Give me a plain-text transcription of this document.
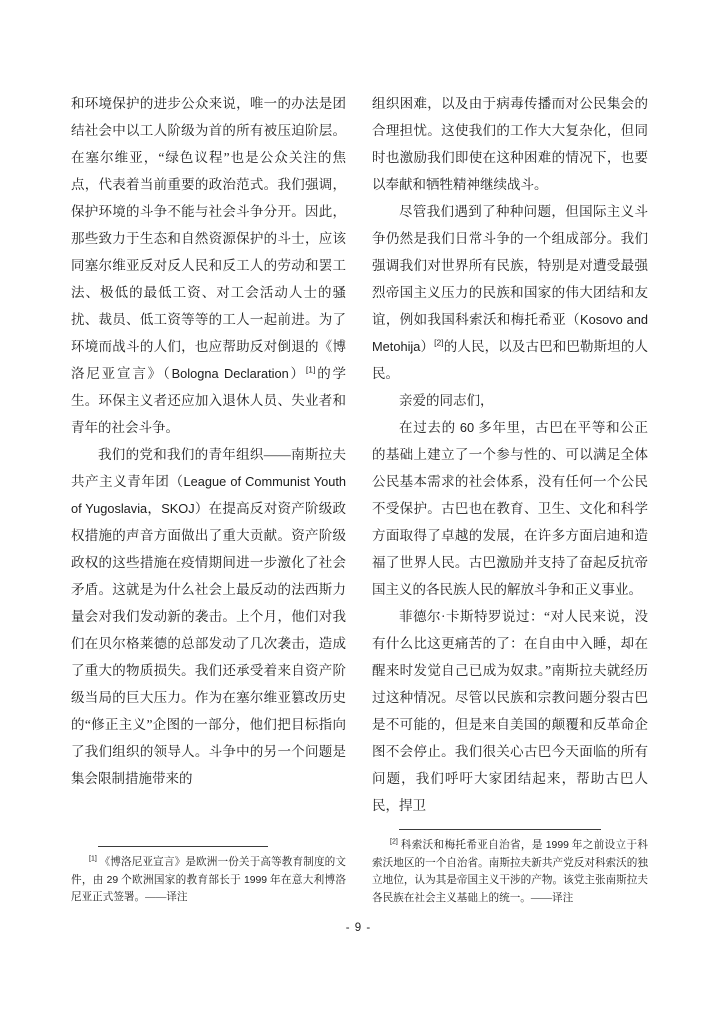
和环境保护的进步公众来说，唯一的办法是团结社会中以工人阶级为首的所有被压迫阶层。在塞尔维亚，“绿色议程”也是公众关注的焦点，代表着当前重要的政治范式。我们强调，保护环境的斗争不能与社会斗争分开。因此，那些致力于生态和自然资源保护的斗士，应该同塞尔维亚反对反人民和反工人的劳动和罢工法、极低的最低工资、对工会活动人士的骚扰、裁员、低工资等等的工人一起前进。为了环境而战斗的人们，也应帮助反对倒退的《博洛尼亚宣言》（Bologna Declaration）[1]的学生。环保主义者还应加入退休人员、失业者和青年的社会斗争。

我们的党和我们的青年组织——南斯拉夫共产主义青年团（League of Communist Youth of Yugoslavia，SKOJ）在提高反对资产阶级政权措施的声音方面做出了重大贡献。资产阶级政权的这些措施在疫情期间进一步激化了社会矛盾。这就是为什么社会上最反动的法西斯力量会对我们发动新的袭击。上个月，他们对我们在贝尔格莱德的总部发动了几次袭击，造成了重大的物质损失。我们还承受着来自资产阶级当局的巨大压力。作为在塞尔维亚篡改历史的“修正主义”企图的一部分，他们把目标指向了我们组织的领导人。斗争中的另一个问题是集会限制措施带来的

组织困难，以及由于病毒传播而对公民集会的合理担忧。这使我们的工作大大复杂化，但同时也激励我们即使在这种困难的情况下，也要以奉献和牺牲精神继续战斗。

尽管我们遇到了种种问题，但国际主义斗争仍然是我们日常斗争的一个组成部分。我们强调我们对世界所有民族，特别是对遭受最强烈帝国主义压力的民族和国家的伟大团结和友谊，例如我国科索沃和梅托希亚（Kosovo and Metohija）[2]的人民，以及古巴和巴勒斯坦的人民。

亲爱的同志们，

在过去的 60 多年里，古巴在平等和公正的基础上建立了一个参与性的、可以满足全体公民基本需求的社会体系，没有任何一个公民不受保护。古巴也在教育、卫生、文化和科学方面取得了卓越的发展，在许多方面启迪和造福了世界人民。古巴激励并支持了奋起反抗帝国主义的各民族人民的解放斗争和正义事业。

菲德尔·卡斯特罗说过：“对人民来说，没有什么比这更痛苦的了：在自由中入睡，却在醒来时发觉自己已成为奴隶。”南斯拉夫就经历过这种情况。尽管以民族和宗教问题分裂古巴是不可能的，但是来自美国的颠覆和反革命企图不会停止。我们很关心古巴今天面临的所有问题，我们呼吁大家团结起来，帮助古巴人民，捍卫

[1] 《博洛尼亚宣言》是欧洲一份关于高等教育制度的文件，由 29 个欧洲国家的教育部长于 1999 年在意大利博洛尼亚正式签署。——译注

[2] 科索沃和梅托希亚自治省，是 1999 年之前设立于科索沃地区的一个自治省。南斯拉夫新共产党反对科索沃的独立地位，认为其是帝国主义干涉的产物。该党主张南斯拉夫各民族在社会主义基础上的统一。——译注

- 9 -
